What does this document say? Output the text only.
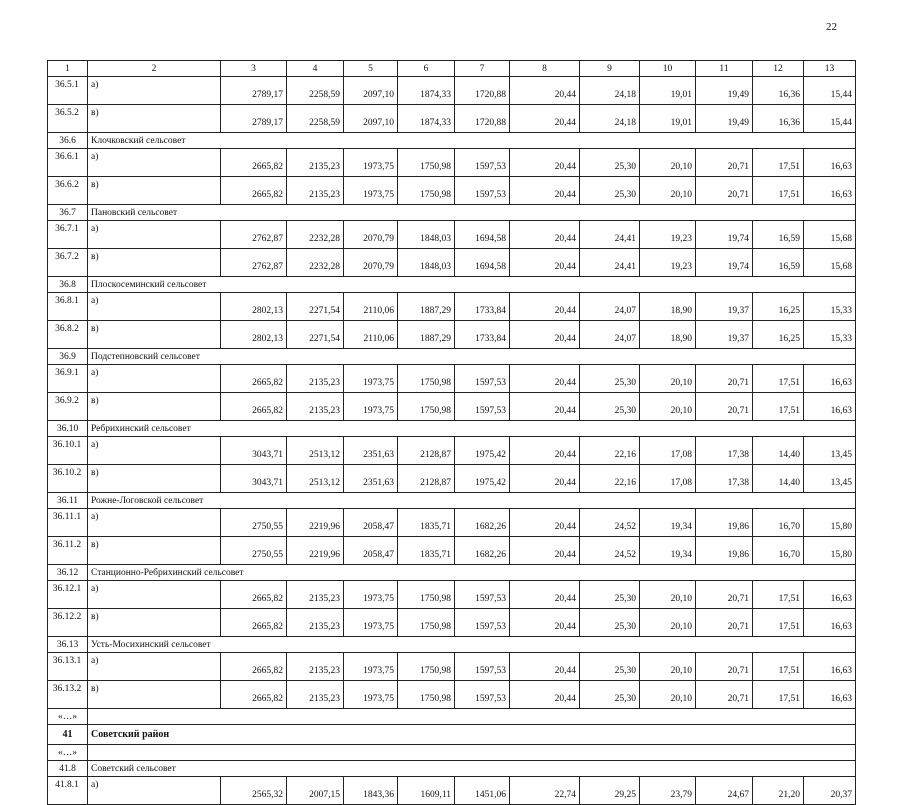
22
1	2	3	4	5	6	7	8	9	10	11	12	13
36.5.1	а)	2789,17	2258,59	2097,10	1874,33	1720,88	20,44	24,18	19,01	19,49	16,36	15,44
36.5.2	в)	2789,17	2258,59	2097,10	1874,33	1720,88	20,44	24,18	19,01	19,49	16,36	15,44
36.6	Клочковский сельсовет											
36.6.1	а)	2665,82	2135,23	1973,75	1750,98	1597,53	20,44	25,30	20,10	20,71	17,51	16,63
36.6.2	в)	2665,82	2135,23	1973,75	1750,98	1597,53	20,44	25,30	20,10	20,71	17,51	16,63
36.7	Пановский сельсовет											
36.7.1	а)	2762,87	2232,28	2070,79	1848,03	1694,58	20,44	24,41	19,23	19,74	16,59	15,68
36.7.2	в)	2762,87	2232,28	2070,79	1848,03	1694,58	20,44	24,41	19,23	19,74	16,59	15,68
36.8	Плоскосеминский сельсовет											
36.8.1	а)	2802,13	2271,54	2110,06	1887,29	1733,84	20,44	24,07	18,90	19,37	16,25	15,33
36.8.2	в)	2802,13	2271,54	2110,06	1887,29	1733,84	20,44	24,07	18,90	19,37	16,25	15,33
36.9	Подстепновский сельсовет											
36.9.1	а)	2665,82	2135,23	1973,75	1750,98	1597,53	20,44	25,30	20,10	20,71	17,51	16,63
36.9.2	в)	2665,82	2135,23	1973,75	1750,98	1597,53	20,44	25,30	20,10	20,71	17,51	16,63
36.10	Ребрихинский сельсовет											
36.10.1	а)	3043,71	2513,12	2351,63	2128,87	1975,42	20,44	22,16	17,08	17,38	14,40	13,45
36.10.2	в)	3043,71	2513,12	2351,63	2128,87	1975,42	20,44	22,16	17,08	17,38	14,40	13,45
36.11	Рожне-Логовской сельсовет											
36.11.1	а)	2750,55	2219,96	2058,47	1835,71	1682,26	20,44	24,52	19,34	19,86	16,70	15,80
36.11.2	в)	2750,55	2219,96	2058,47	1835,71	1682,26	20,44	24,52	19,34	19,86	16,70	15,80
36.12	Станционно-Ребрихинский сельсовет											
36.12.1	а)	2665,82	2135,23	1973,75	1750,98	1597,53	20,44	25,30	20,10	20,71	17,51	16,63
36.12.2	в)	2665,82	2135,23	1973,75	1750,98	1597,53	20,44	25,30	20,10	20,71	17,51	16,63
36.13	Усть-Мосихинский сельсовет											
36.13.1	а)	2665,82	2135,23	1973,75	1750,98	1597,53	20,44	25,30	20,10	20,71	17,51	16,63
36.13.2	в)	2665,82	2135,23	1973,75	1750,98	1597,53	20,44	25,30	20,10	20,71	17,51	16,63
«…»												
41	Советский район											
«…»												
41.8	Советский сельсовет											
41.8.1	а)	2565,32	2007,15	1843,36	1609,11	1451,06	22,74	29,25	23,79	24,67	21,20	20,37
